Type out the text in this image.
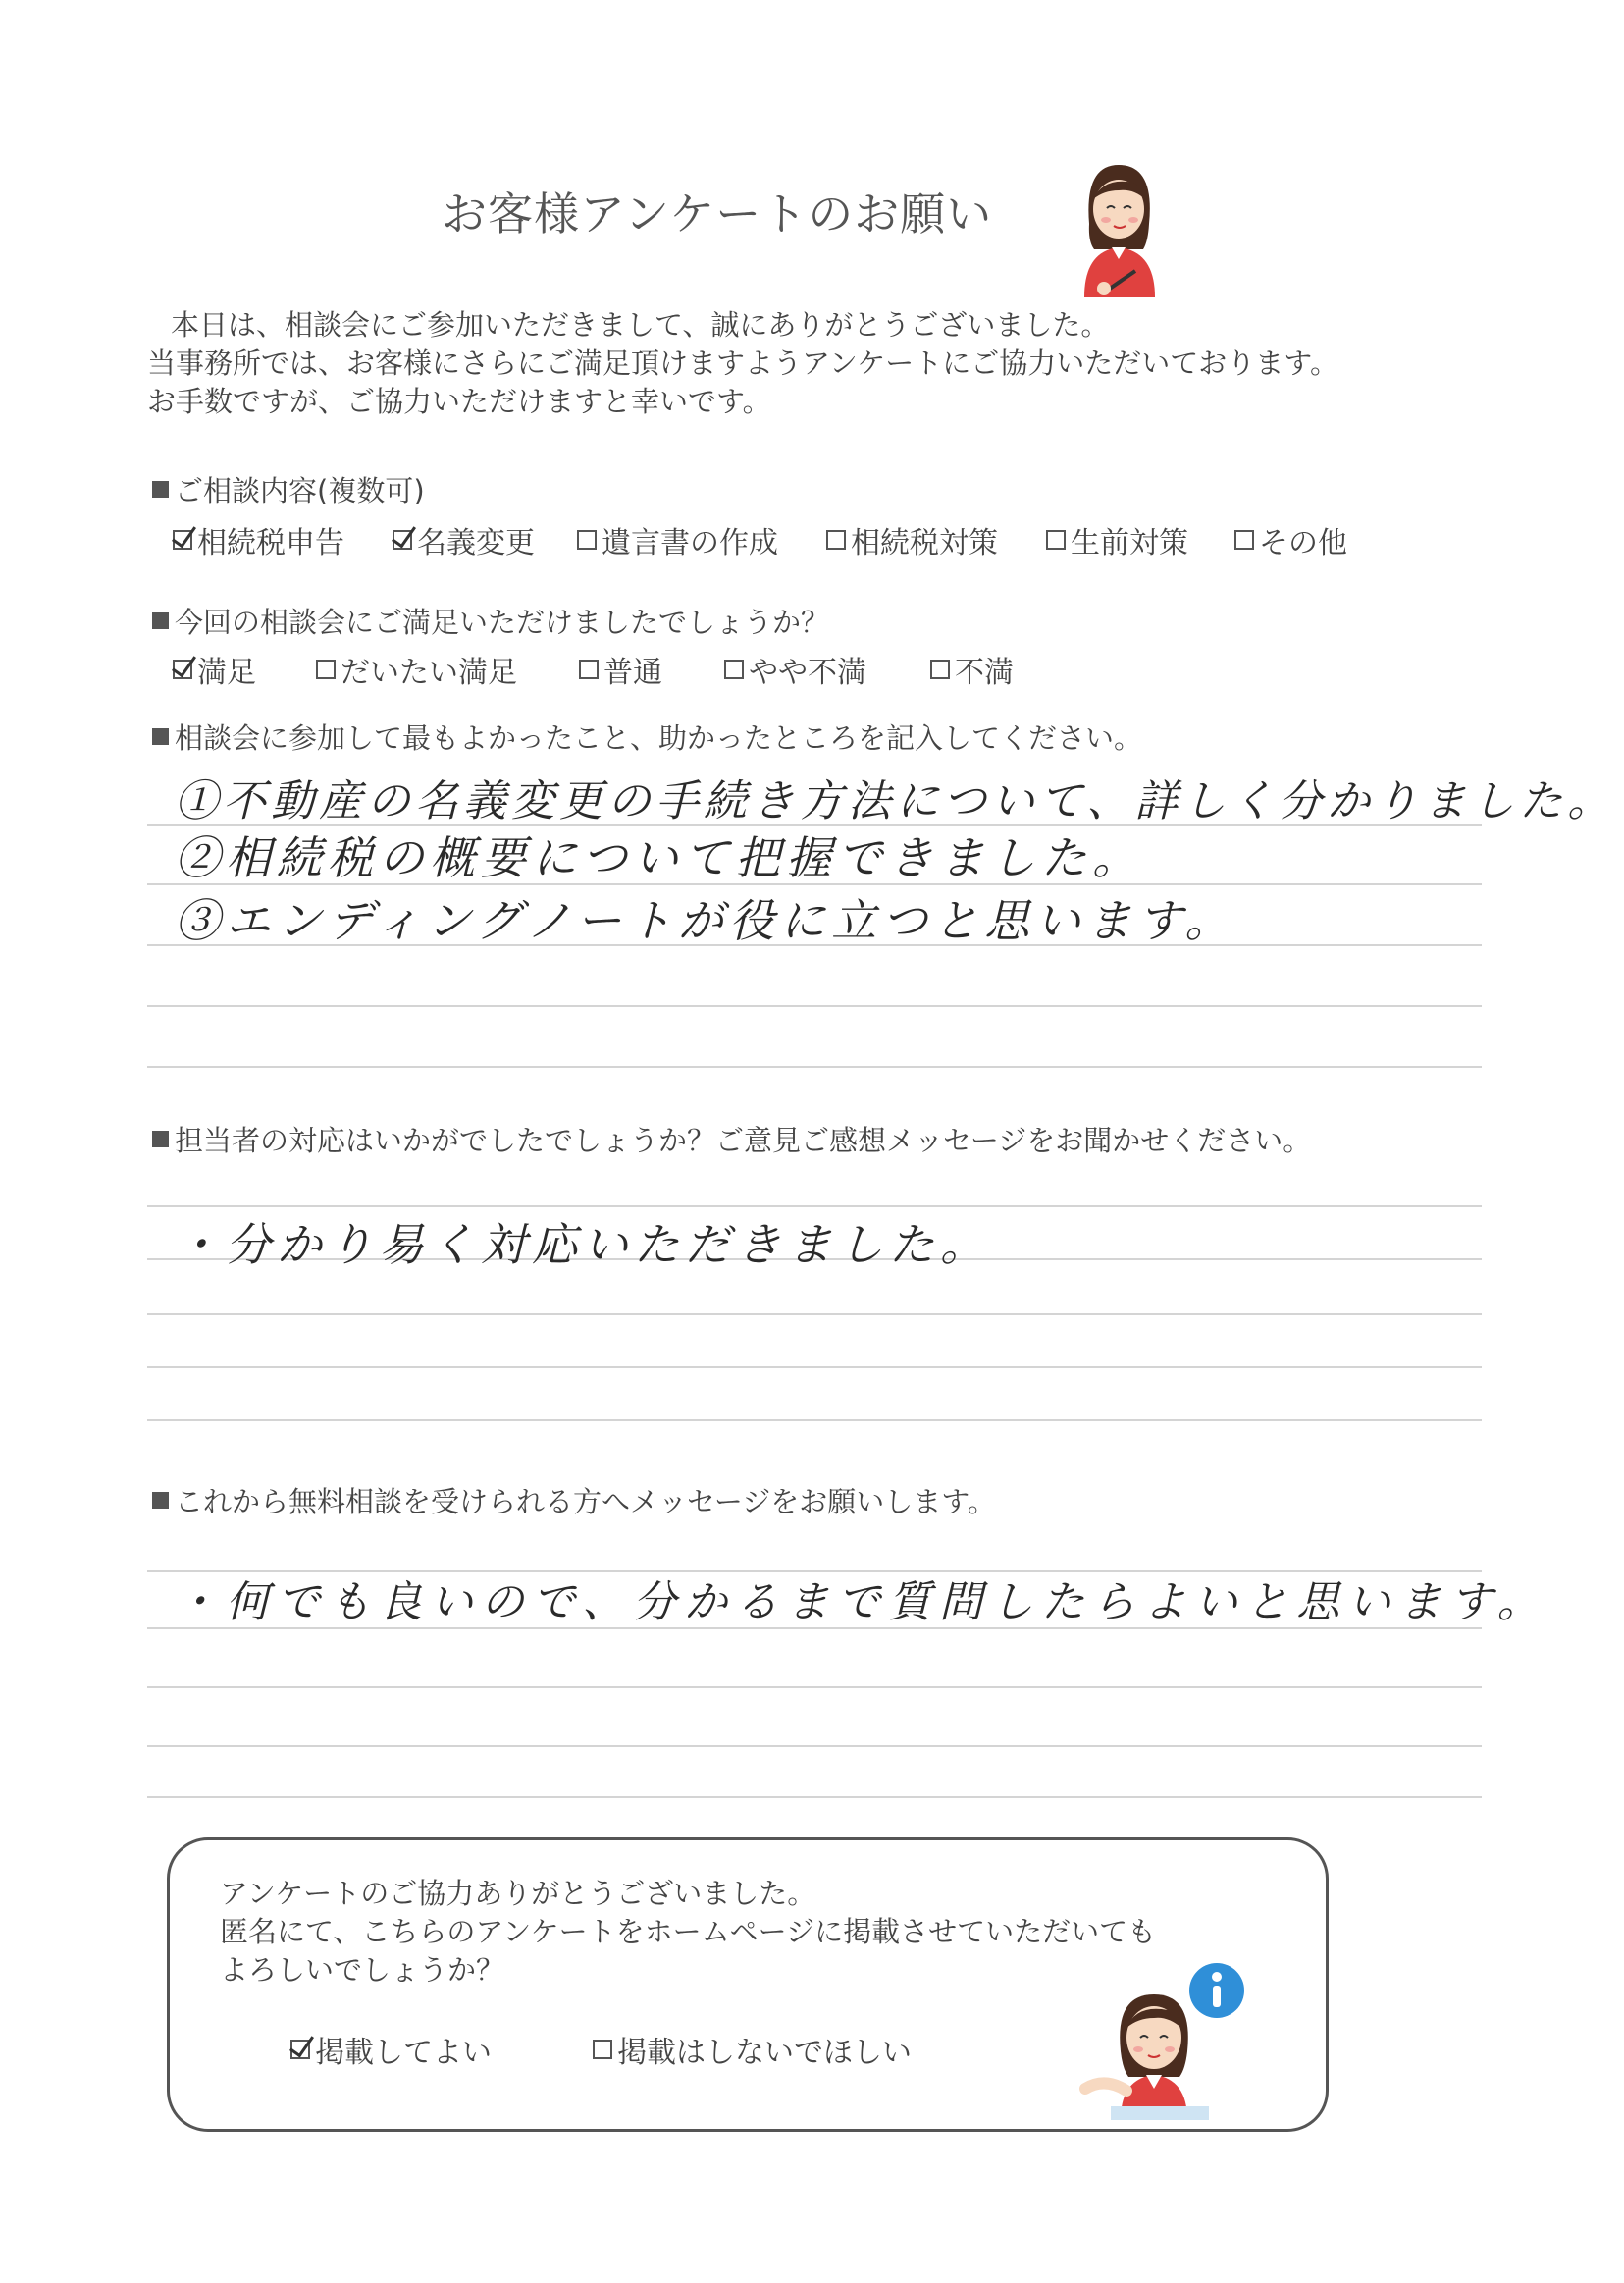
お客様アンケートのお願い
本日は、相談会にご参加いただきまして、誠にありがとうございました。
当事務所では、お客様にさらにご満足頂けますようアンケートにご協力いただいております。
お手数ですが、ご協力いただけますと幸いです。
ご相談内容(複数可)
相続税申告 名義変更 遺言書の作成 相続税対策 生前対策 その他
今回の相談会にご満足いただけましたでしょうか？
満足	だいたい満足	普通	やや不満	不満
相談会に参加して最もよかったこと、助かったところを記入してください。
①不動産の名義変更の手続き方法について、詳しく分かりました。
②相続税の概要について把握できました。
③エンディングノートが役に立つと思います。
担当者の対応はいかがでしたでしょうか？ご意見ご感想メッセージをお聞かせください。
・分かり易く対応いただきました。
これから無料相談を受けられる方へメッセージをお願いします。
・何でも良いので、分かるまで質問したらよいと思います。
アンケートのご協力ありがとうございました。
匿名にて、こちらのアンケートをホームページに掲載させていただいても
よろしいでしょうか？
掲載してよい	掲載はしないでほしい
